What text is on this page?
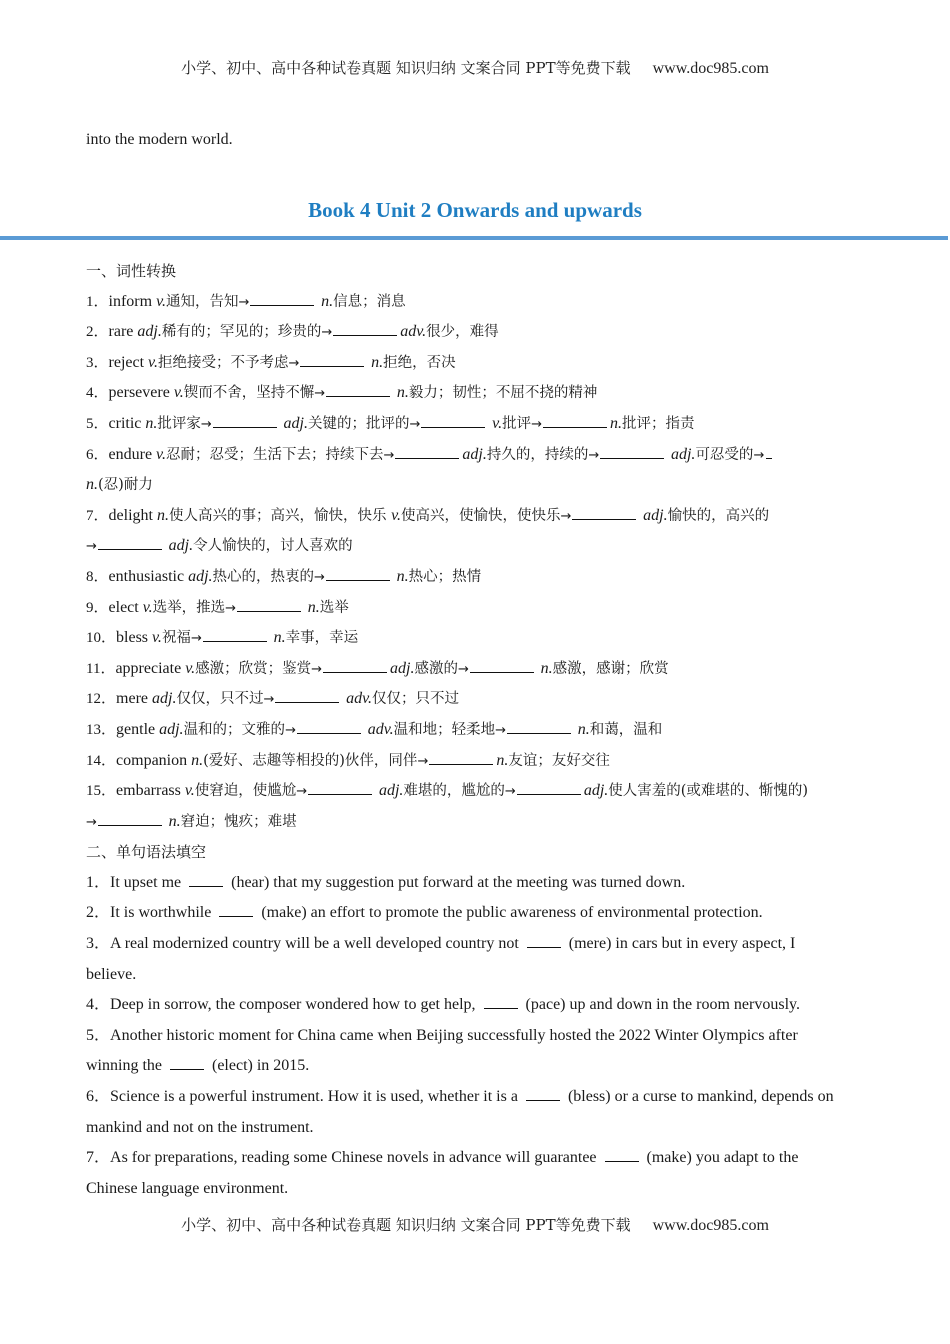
小学、初中、高中各种试卷真题 知识归纳 文案合同 PPT等免费下载 www.doc985.com
into the modern world.
Book 4 Unit 2 Onwards and upwards
一、词性转换
1．inform v.通知，告知→	n.信息；消息
2．rare adj.稀有的；罕见的；珍贵的→	adv.很少，难得
3．reject v.拒绝接受；不予考虑→	n.拒绝，否决
4．persevere v.锲而不舍，坚持不懈→	n.毅力；韧性；不屈不挠的精神
5．critic n.批评家→	adj.关键的；批评的→	v.批评→	n.批评；指责
6．endure v.忍耐；忍受；生活下去；持续下去→	adj.持久的，持续的→	adj.可忍受的→
n.(忍)耐力
7．delight n.使人高兴的事；高兴，愉快，快乐 v.使高兴，使愉快，使快乐→	adj.愉快的，高兴的
→	adj.令人愉快的，讨人喜欢的
8．enthusiastic adj.热心的，热衷的→	n.热心；热情
9．elect v.选举，推选→	n.选举
10．bless v.祝福→	n.幸事，幸运
11．appreciate v.感激；欣赏；鉴赏→	adj.感激的→	n.感激，感谢；欣赏
12．mere adj.仅仅，只不过→	adv.仅仅；只不过
13．gentle adj.温和的；文雅的→	adv.温和地；轻柔地→	n.和蔼，温和
14．companion n.(爱好、志趣等相投的)伙伴，同伴→	n.友谊；友好交往
15．embarrass v.使窘迫，使尴尬→	adj.难堪的，尴尬的→	adj.使人害羞的(或难堪的、惭愧的)
→	n.窘迫；愧疚；难堪
二、单句语法填空
1．It upset me	(hear) that my suggestion put forward at the meeting was turned down.
2．It is worthwhile	(make) an effort to promote the public awareness of environmental protection.
3．A real modernized country will be a well developed country not	(mere) in cars but in every aspect, I
believe.
4．Deep in sorrow, the composer wondered how to get help,	(pace) up and down in the room nervously.
5．Another historic moment for China came when Beijing successfully hosted the 2022 Winter Olympics after
winning the	(elect) in 2015.
6．Science is a powerful instrument. How it is used, whether it is a	(bless) or a curse to mankind, depends on
mankind and not on the instrument.
7．As for preparations, reading some Chinese novels in advance will guarantee	(make) you adapt to the
Chinese language environment.
小学、初中、高中各种试卷真题 知识归纳 文案合同 PPT等免费下载 www.doc985.com
